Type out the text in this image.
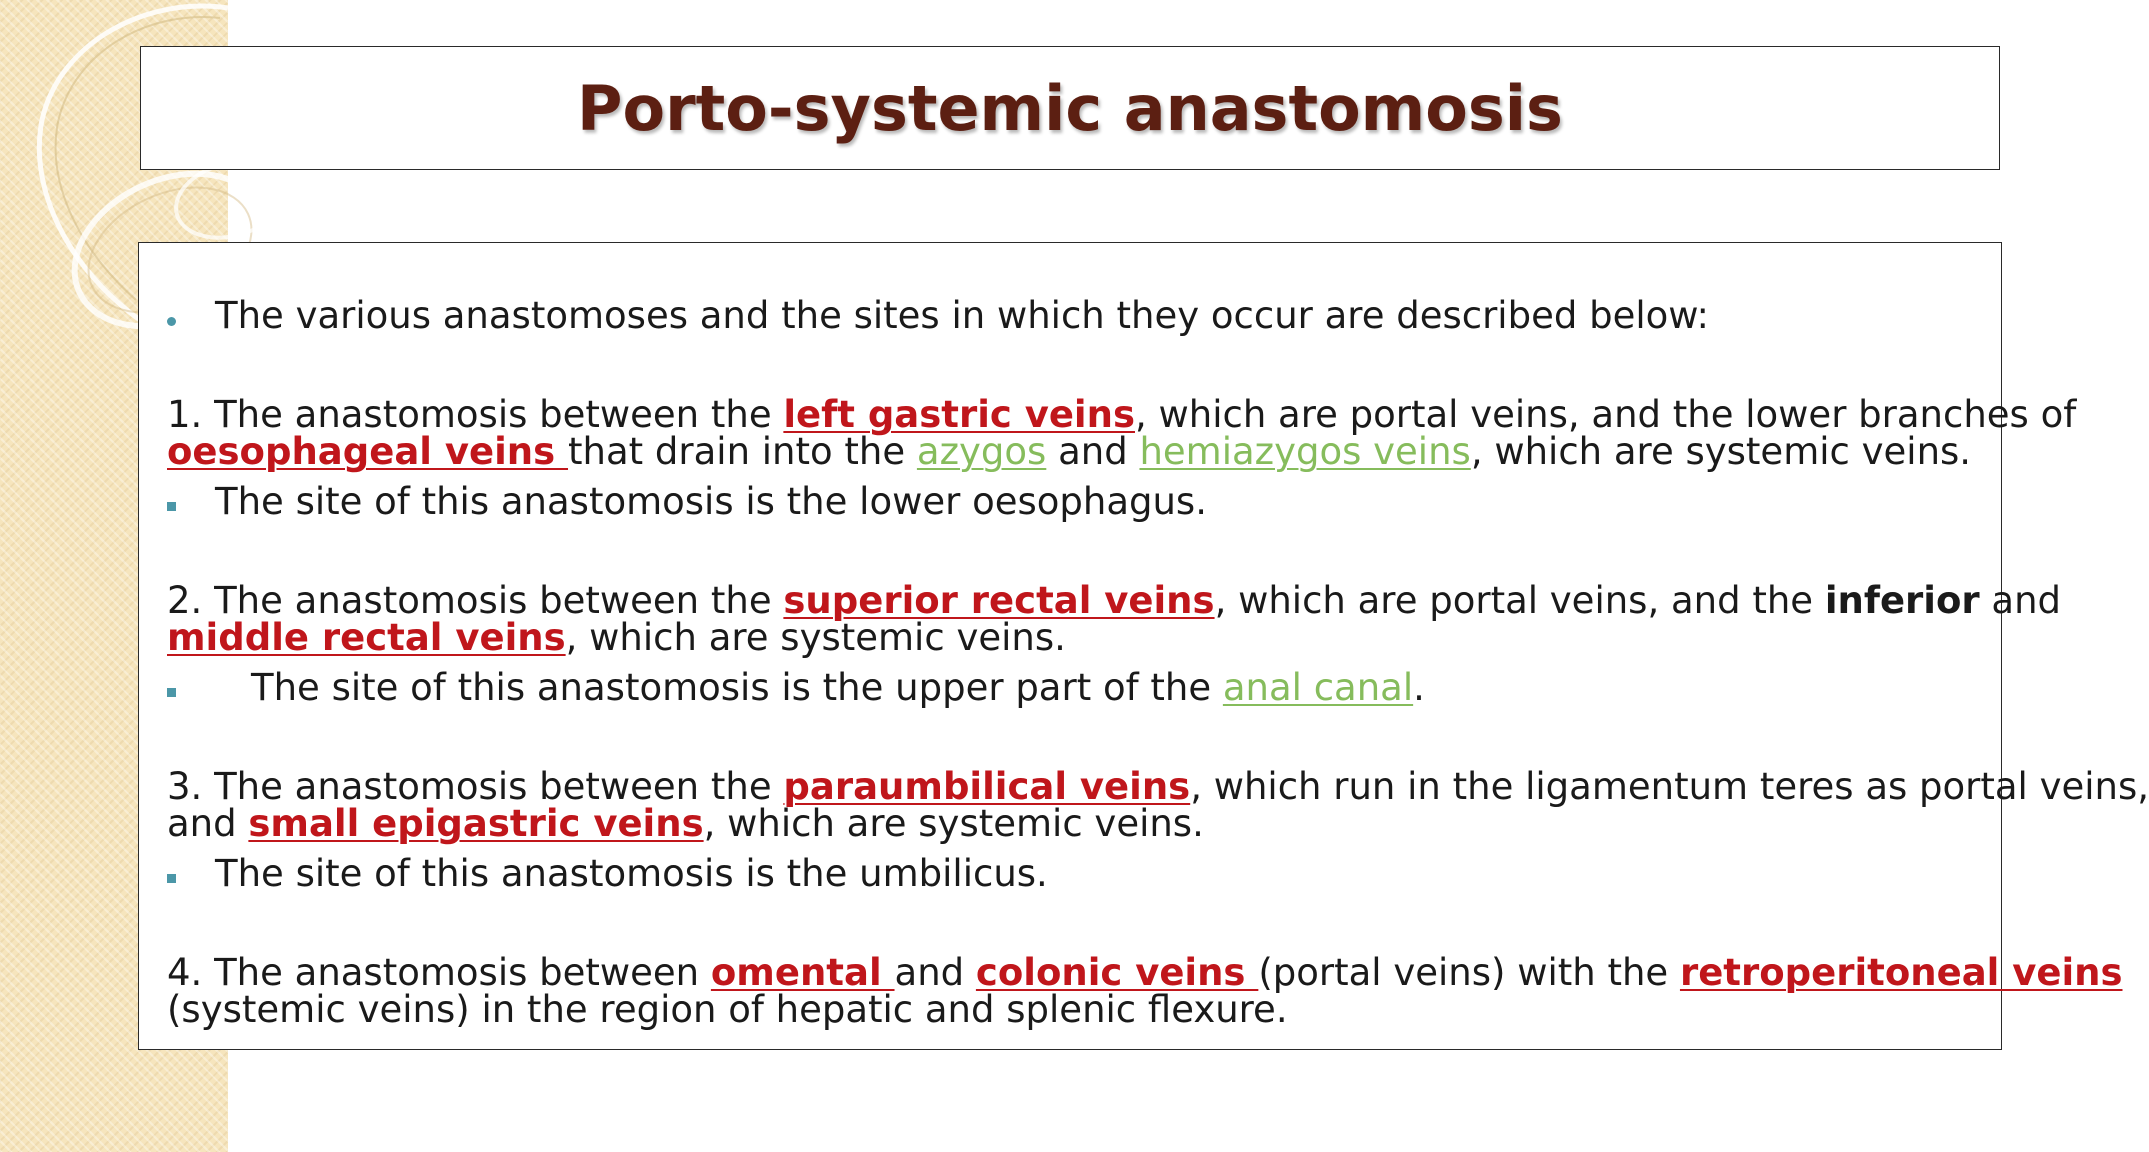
Porto-systemic anastomosis
The various anastomoses and the sites in which they occur are described below:
1. The anastomosis between the left gastric veins, which are portal veins, and the lower branches of
oesophageal veins that drain into the azygos and hemiazygos veins, which are systemic veins.
The site of this anastomosis is the lower oesophagus.
2. The anastomosis between the superior rectal veins, which are portal veins, and the inferior and
middle rectal veins, which are systemic veins.
The site of this anastomosis is the upper part of the anal canal.
3. The anastomosis between the paraumbilical veins, which run in the ligamentum teres as portal veins,
and small epigastric veins, which are systemic veins.
The site of this anastomosis is the umbilicus.
4. The anastomosis between omental and colonic veins (portal veins) with the retroperitoneal veins
(systemic veins) in the region of hepatic and splenic flexure.
